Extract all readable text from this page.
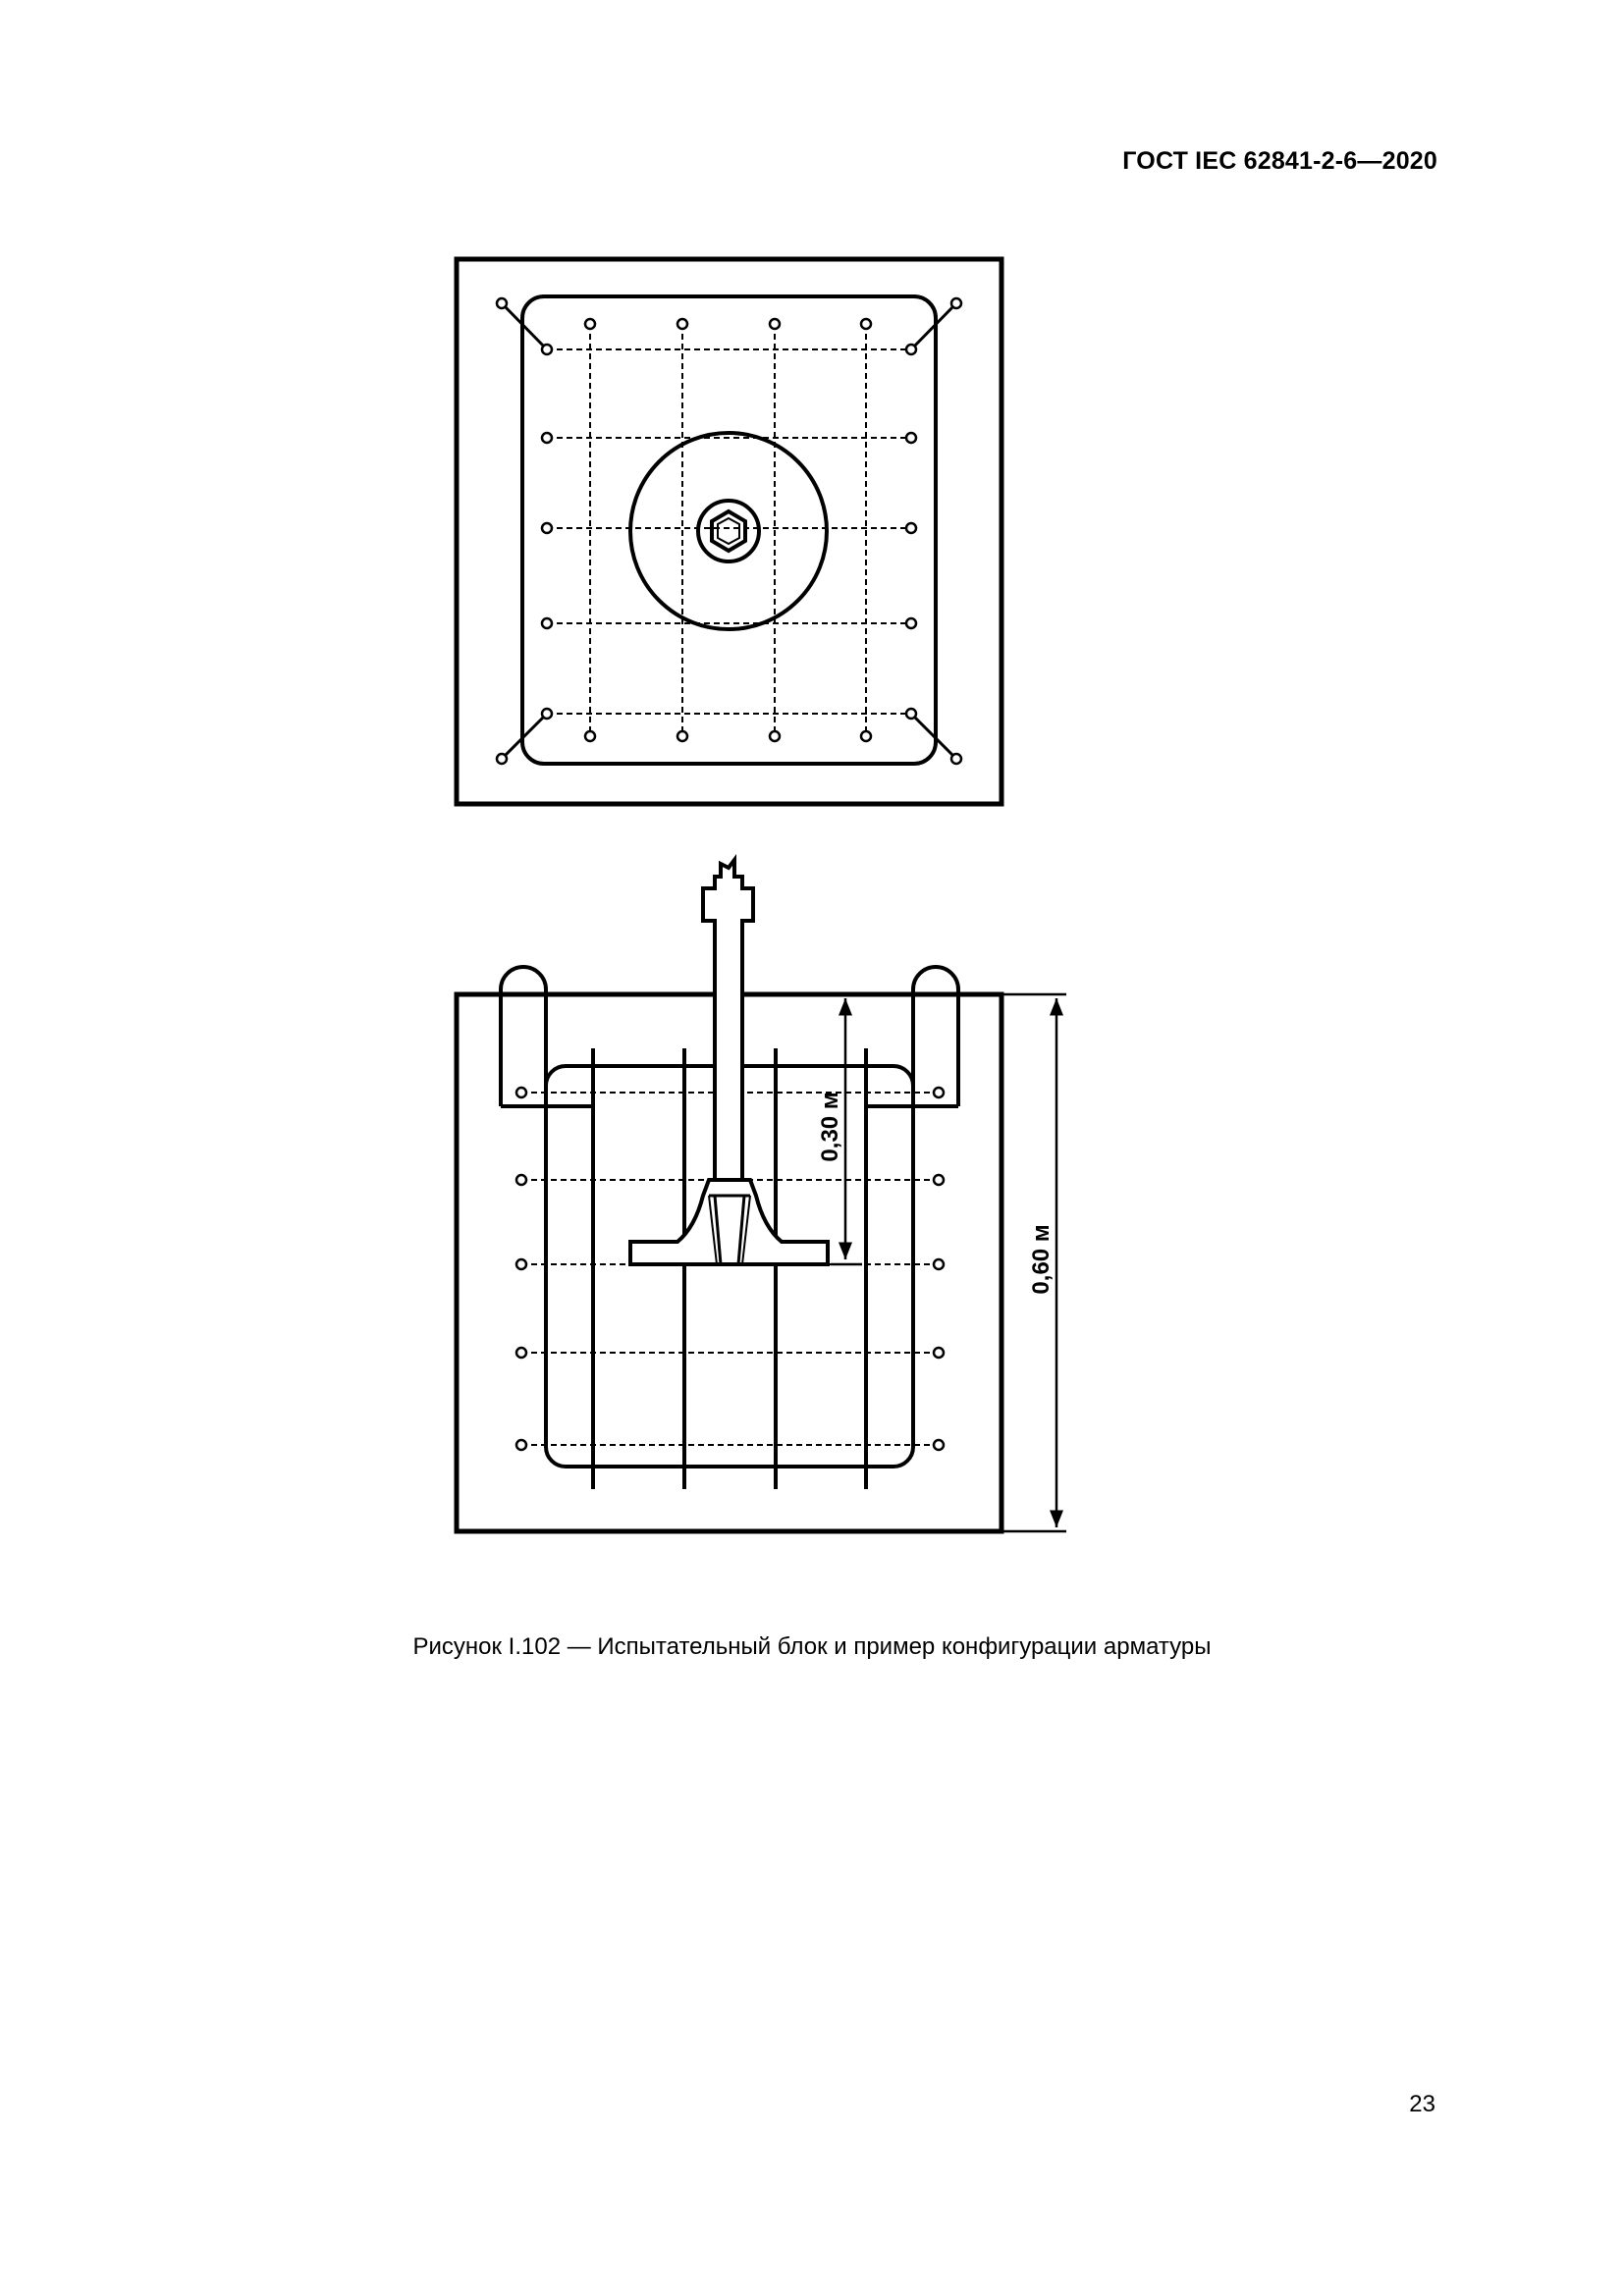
ГОСТ IEC 62841-2-6—2020
0,30 м
0,60 м
Рисунок I.102 — Испытательный блок и пример конфигурации арматуры
23
